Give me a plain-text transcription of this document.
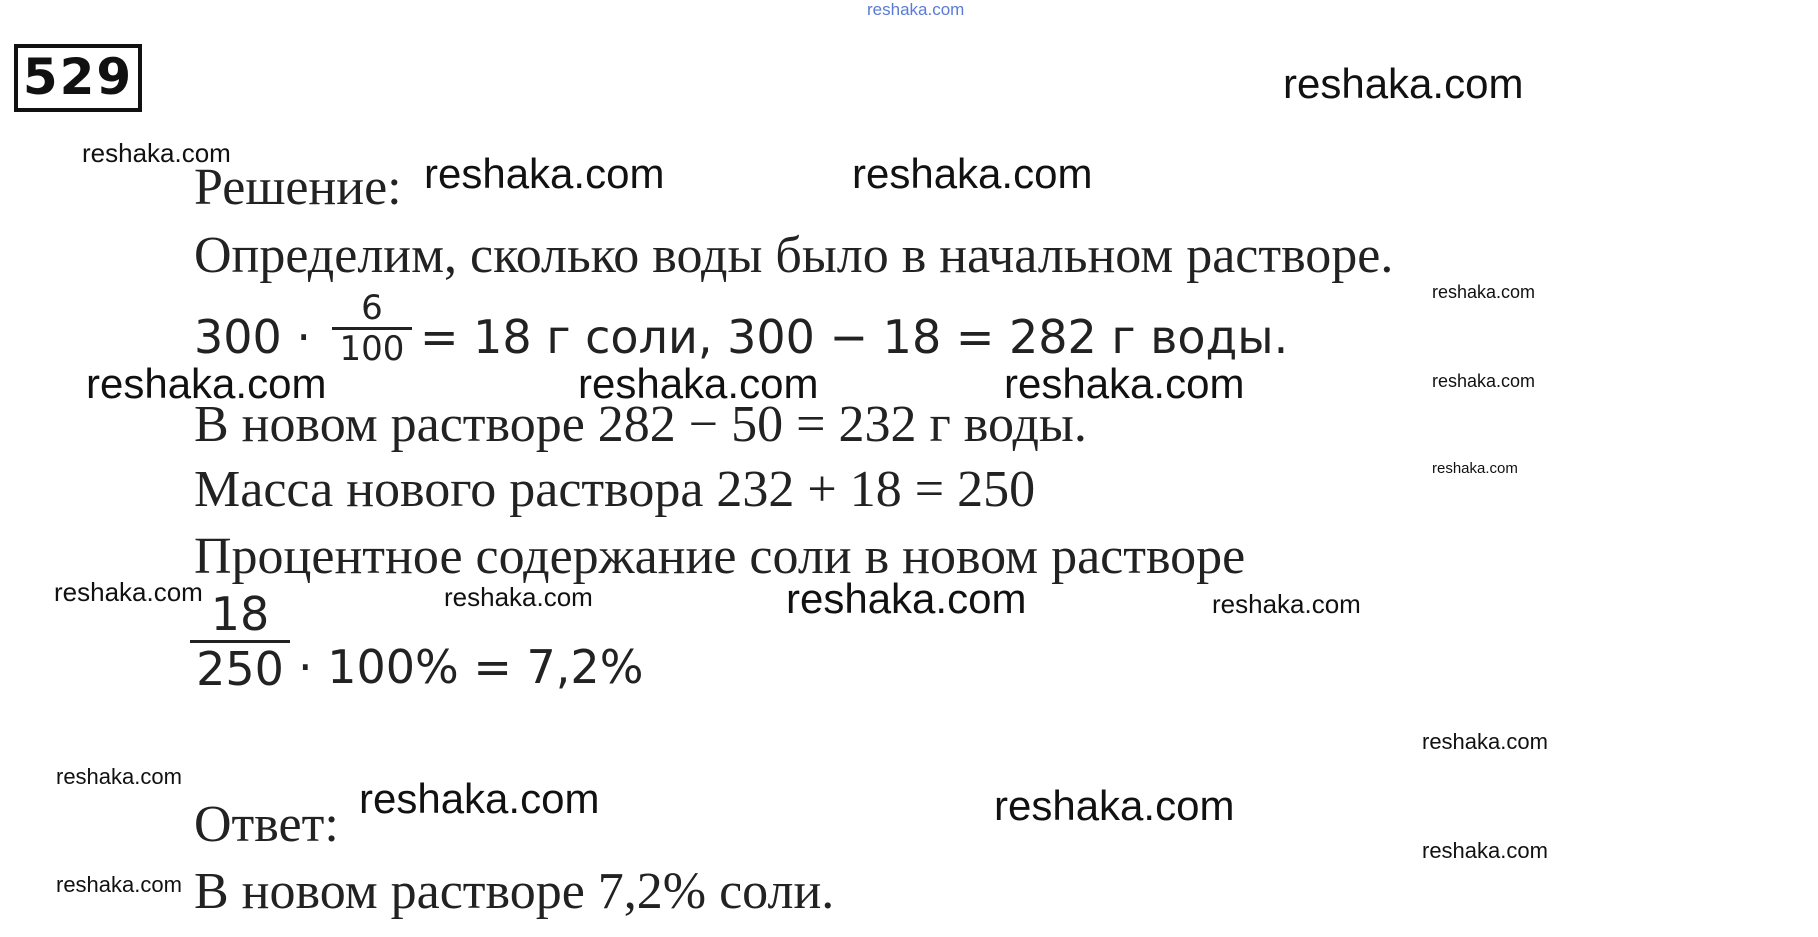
reshaka.com
529
Решение:
Определим, сколько воды было в начальном растворе.
300 ·
6
100 = 18 г соли, 300 − 18 = 282 г воды.
В новом растворе 282 − 50 = 232 г воды.
Масса нового раствора 232 + 18 = 250
Процентное содержание соли в новом растворе
18
250 · 100% = 7,2%
Ответ:
В новом растворе 7,2% соли.
reshaka.com
reshaka.com	reshaka.com	reshaka.com
reshaka.com
reshaka.com	reshaka.com	reshaka.com	reshaka.com
reshaka.com
reshaka.com	reshaka.com	reshaka.com	reshaka.com
reshaka.com
reshaka.com	reshaka.com	reshaka.com
reshaka.com
reshaka.com
